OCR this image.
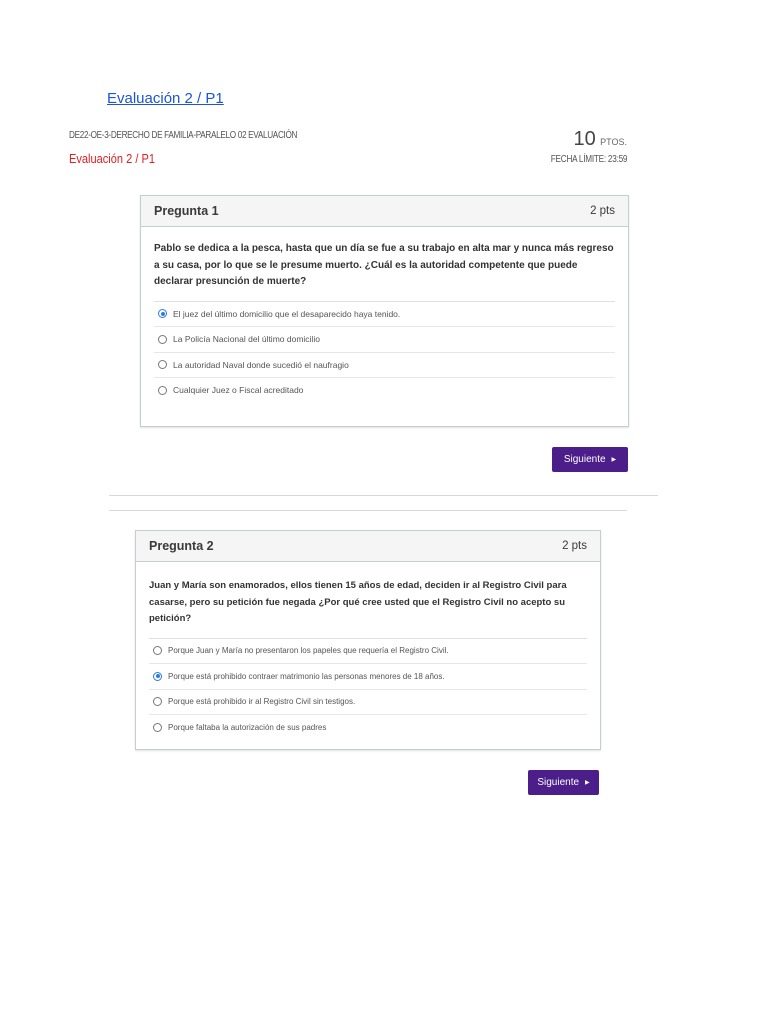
Evaluación 2 / P1
DE22-OE-3-DERECHO DE FAMILIA-PARALELO 02 EVALUACIÓN
Evaluación 2 / P1
10 PTOS.
FECHA LÍMITE: 23:59
Pregunta 1	2 pts
Pablo se dedica a la pesca, hasta que un día se fue a su trabajo en alta mar y nunca más regreso a su casa, por lo que se le presume muerto. ¿Cuál es la autoridad competente que puede declarar presunción de muerte?
El juez del último domicilio que el desaparecido haya tenido.
La Policía Nacional del último domicilio
La autoridad Naval donde sucedió el naufragio
Cualquier Juez o Fiscal acreditado
Siguiente ▶
Pregunta 2	2 pts
Juan y María son enamorados, ellos tienen 15 años de edad, deciden ir al Registro Civil para casarse, pero su petición fue negada ¿Por qué cree usted que el Registro Civil no acepto su petición?
Porque Juan y María no presentaron los papeles que requería el Registro Civil.
Porque está prohibido contraer matrimonio las personas menores de 18 años.
Porque está prohibido ir al Registro Civil sin testigos.
Porque faltaba la autorización de sus padres
Siguiente ▶
